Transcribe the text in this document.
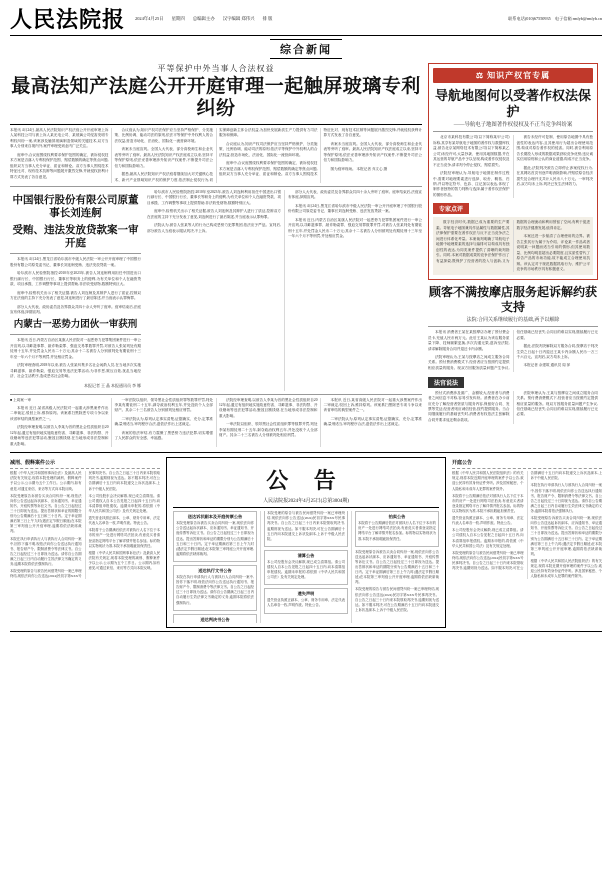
人民法院报 2024年4月25日 星期四 总编辑主办 汉字编辑 郑伟兴 排 版	联系电话(010)67550935 电子信箱 rmfyb@rmfyb.cn
综合新闻
平等保护中外当事人合法权益
最高法知产法庭公开开庭审理一起触屏玻璃专利纠纷

本报讯 4月24日,最高人民法院知识产权法庭公开开庭审理上诉人某科技公司与被上诉人某光电公司、某玻璃公司侵害发明专利权纠纷一案,该案涉及触屏玻璃制造领域的关键技术,双方当事人分别来自境内外,案件审理受到业内广泛关注。

庭审中,合议庭围绕权利要求保护范围的确定、被诉侵权技术方案是否落入专利权保护范围、赔偿数额的确定等焦点问题,组织双方当事人充分举证、质证和辩论。双方当事人围绕技术特征比对、现有技术抗辩等问题展开激烈交锋,并就侵权获利计算方式发表了各自意见。

合议庭认为,知识产权司法保护应当坚持严格保护、分类施策、比例协调、能动司法的原则,依法平等保护中外权利人的合法权益,营造市场化、法治化、国际化一流营商环境。

该案未当庭宣判。全国人大代表、部分高校师生和企业代表等旁听了庭审。最高人民法院知识产权法庭成立以来,坚持平等保护原则,依法妥善审理涉外知识产权案件,不断提升司法公信力和国际影响力。

据悉,最高人民法院知识产权法庭将继续加大对关键核心技术、新兴产业领域知识产权的保护力度,依法制止侵权行为,切实保障创新主体合法权益,为加快发展新质生产力提供有力司法服务和保障。

合议庭认为,知识产权司法保护应当坚持严格保护、分类施策、比例协调、能动司法的原则,依法平等保护中外权利人的合法权益,营造市场化、法治化、国际化一流营商环境。

庭审中,合议庭围绕权利要求保护范围的确定、被诉侵权技术方案是否落入专利权保护范围、赔偿数额的确定等焦点问题,组织双方当事人充分举证、质证和辩论。双方当事人围绕技术特征比对、现有技术抗辩等问题展开激烈交锋,并就侵权获利计算方式发表了各自意见。

该案未当庭宣判。全国人大代表、部分高校师生和企业代表等旁听了庭审。最高人民法院知识产权法庭成立以来,坚持平等保护原则,依法妥善审理涉外知识产权案件,不断提升司法公信力和国际影响力。

图为庭审现场。 本报记者 乔文心 摄

中国银行股份有限公司原董事长刘连舸
受贿、违法发放贷款案一审开庭

本报讯 4月24日,黑龙江省哈尔滨市中级人民法院一审公开开庭审理了中国银行股份有限公司原党委书记、董事长刘连舸受贿、违法发放贷款一案。

哈尔滨市人民检察院指控:2010年至2023年,被告人刘连舸利用担任中国进出口银行副行长、中国银行行长、董事长等职务上的便利,为有关单位和个人在融资贷款、项目承揽、工作调整等事项上提供帮助,非法收受财物,数额特别巨大。

庭审中,检察机关出示了相关证据,被告人刘连舸及其辩护人进行了质证,控辩双方在法庭的主持下充分发表了意见,刘连舸进行了最后陈述,并当庭表示认罪悔罪。

部分人大代表、政协委员及各界群众共四十余人旁听了庭审。庭审结束后,法庭宣布休庭,择期宣判。

内蒙古一恶势力团伙一审获刑

本报讯 近日,内蒙古自治区某旗人民法院对一起恶势力犯罪集团案件进行一审公开宣判,以寻衅滋事罪、敲诈勒索罪、强迫交易罪数罪并罚,对被告人张某判处有期徒刑十五年,并处罚金人民币二十万元;其余十二名被告人分别被判处有期徒刑十三年至一年六个月不等刑罚,并处相应罚金。

法院审理查明,2018年以来,被告人张某纠集多名社会闲散人员,在当地多次实施寻衅滋事、敲诈勒索、强迫交易等违法犯罪活动,为非作恶,欺压百姓,扰乱当地经济、社会生活秩序,造成恶劣社会影响。

本报记者 王 晶 本报通讯员 李 娜

哈尔滨市人民检察院指控:2010年至2023年,被告人刘连舸利用担任中国进出口银行副行长、中国银行行长、董事长等职务上的便利,为有关单位和个人在融资贷款、项目承揽、工作调整等事项上提供帮助,非法收受财物,数额特别巨大。

庭审中,检察机关出示了相关证据,被告人刘连舸及其辩护人进行了质证,控辩双方在法庭的主持下充分发表了意见,刘连舸进行了最后陈述,并当庭表示认罪悔罪。

法院认为,被告人张某等人的行为已构成恶势力犯罪集团,依法应予严惩。宣判后,部分被告人当庭表示服从判决,不上诉。

部分人大代表、政协委员及各界群众共四十余人旁听了庭审。庭审结束后,法庭宣布休庭,择期宣判。

本报讯 4月24日,黑龙江省哈尔滨市中级人民法院一审公开开庭审理了中国银行股份有限公司原党委书记、董事长刘连舸受贿、违法发放贷款一案。

本报讯 近日,内蒙古自治区某旗人民法院对一起恶势力犯罪集团案件进行一审公开宣判,以寻衅滋事罪、敲诈勒索罪、强迫交易罪数罪并罚,对被告人张某判处有期徒刑十五年,并处罚金人民币二十万元;其余十二名被告人分别被判处有期徒刑十三年至一年六个月不等刑罚,并处相应罚金。

■ 上周案一审

本报讯 近日,某省高级人民法院对一起重大涉黑案件作出二审裁定,驳回上诉,维持原判。该案系扫黑除恶专项斗争以来该省审结的典型案件之一。

法院经审理查明,以被告人李某为首的黑社会性质组织自2012年起,通过有组织地实施故意伤害、寻衅滋事、非法拘禁、开设赌场等违法犯罪活动,聚敛巨额钱财,在当地形成非法控制和重大影响。

一审法院以组织、领导黑社会性质组织罪等数罪并罚,判处李某有期徒刑二十五年,剥夺政治权利五年,并处没收个人全部财产。其余二十三名被告人分别被判处相应刑罚。

二审法院认为,原判认定事实清楚,证据确实、充分,定罪准确,量刑适当,审判程序合法,遂依法作出上述裁定。

该案的依法审结,有力震慑了黑恶势力违法犯罪,切实增强了人民群众的安全感、幸福感。

法院经审理查明,以被告人李某为首的黑社会性质组织自2012年起,通过有组织地实施故意伤害、寻衅滋事、非法拘禁、开设赌场等违法犯罪活动,聚敛巨额钱财,在当地形成非法控制和重大影响。

一审法院以组织、领导黑社会性质组织罪等数罪并罚,判处李某有期徒刑二十五年,剥夺政治权利五年,并处没收个人全部财产。其余二十三名被告人分别被判处相应刑罚。

本报讯 近日,某省高级人民法院对一起重大涉黑案件作出二审裁定,驳回上诉,维持原判。该案系扫黑除恶专项斗争以来该省审结的典型案件之一。

二审法院认为,原判认定事实清楚,证据确实、充分,定罪准确,量刑适当,审判程序合法,遂依法作出上述裁定。

⚖ 知识产权官专属
导航地图何以受著作权法保护
——导航电子地图著作权侵权及不正当竞争纠纷案

北京市某科技有限公司(以下简称某甲公司)诉称,其享有某导航电子地图的著作权与数据库权益,被告北京某网络技术有限公司(以下简称某乙公司)未经许可,大量抄袭、使用其地图数据,并在其运营的导航产品中予以呈现,构成著作权侵权及不正当竞争,请求判令停止侵权、赔偿损失。

法院经审理认为,导航电子地图在制作过程中,需要对地理要素进行选择、取舍、概括、归纳,并以特定符号、色彩、注记加以表达,体现了制作者独特的智力判断与选择,属于著作权法保护的图形作品。

被告未经许可复制、使用原告地图中具有独创性的表达内容,且其使用行为超出合理使用范围,构成对原告著作权的侵害。同时,被告利用原告长期投入形成的数据成果获取竞争优势,违反诚实信用原则和公认的商业道德,构成不正当竞争。

据此,法院判决被告立即停止涉案侵权行为,在其网站首页刊登声明消除影响,并赔偿原告经济损失及合理开支共计人民币八十万元。一审判决后,双方均未上诉,判决已发生法律效力。

专家点评

数字经济时代,数据已成为重要的生产要素。导航电子地图兼具作品属性与数据属性,其法律保护需要在著作权法与反不正当竞争法之间进行体系化考量。本案裁判明确了导航电子地图中地理要素的选择与编排可以构成具有独创性的表达,为同类案件提供了清晰的裁判指引。同时,本案对数据成果的竞争法保护作出了有益探索,既保护了经营者的投入与创新,又为数据的合理流动和利用预留了空间,有利于促进数字经济健康发展,值得肯定。

本案还进一步厘清了合理使用的边界。被告主张其行为属于为介绍、评论某一作品或者说明某一问题而适当引用的情形,但其使用数量、比例均明显超出必要限度,且实质性替代了原告产品的市场功能,故不能成立合理使用抗辩。该认定对于规范数据抓取行为、维护公平竞争的市场秩序具有积极意义。

顾客不满按摩店服务起诉解约获支持
法院:合同关系继续履行的基础,两予以解除

本报讯 消费者王某在某按摩店办理了预付费会员卡,充值人民币两万元。此后王某认为该店服务质量下降、技师频繁更换,多次沟通无果,遂诉至法院,请求解除服务合同并退还卡内余额。

法院审理认为,王某与按摩店之间成立服务合同关系。预付费消费模式下,经营者应当按照约定提供相应质量的服务。现双方因服务质量问题产生争议,信任基础已经丧失,合同目的难以实现,继续履行已无必要。

据此,法院判决解除双方服务合同,按摩店于判决生效之日起十日内退还王某卡内余额人民币一万三千六百元。宣判后,双方均未上诉。

本报记者 余建筑 通讯员 周 萍

法官说法

预付式消费涉及面广、金额较大,经营者与消费者之间信息不对称,容易引发纠纷。消费者在办卡前应充分了解经营者资质与服务内容,保留好合同、发票等凭证;经营者则应诚信经营,按约提供服务。当合同继续履行的基础丧失时,消费者有权依法主张解除合同并要求返还剩余款项。

法院审理认为,王某与按摩店之间成立服务合同关系。预付费消费模式下,经营者应当按照约定提供相应质量的服务。现双方因服务质量问题产生争议,信任基础已经丧失,合同目的难以实现,继续履行已无必要。

减刑、假释案件公示

根据《中华人民共和国刑事诉讼法》及最高人民法院有关规定,现将本院受理的减刑、假释案件予以公示,公示期为五个工作日。公示期内,如有意见,可通过来信、来访等方式向本院反映。

本院受理原告诉被告买卖合同纠纷一案,现依法向你公告送达起诉状副本、应诉通知书、举证通知书、开庭传票等诉讼文书。自公告之日起经过三十日即视为送达。提出答辩状和举证的期限分别为公告期满后十五日和三十日内。定于举证期满后第三日上午九时(遇法定节假日顺延)在本院第三审判庭公开开庭审理,逾期将依法缺席裁判。

本院在执行申请执行人与被执行人合同纠纷一案中,因你下落不明,现依法向你公告送达执行通知书、报告财产令、限制消费令等法律文书。自公告之日起经过三十日即视为送达。请你自公告期满之日起三日内自动履行生效法律文书确定的义务,逾期本院将依法强制执行。

本院受理的原告与被告民间借贷纠纷一案已审理终结,现依法向你公告送达(2024)民初字第XXX号民事判决书。自公告之日起三十日内来本院领取判决书,逾期则视为送达。如不服本判决,可在公告期满后十五日内向本院递交上诉状及副本,上诉于中级人民法院。

本公司经股东会决议解散,现已成立清算组。请公司债权人自本公告见报之日起四十五日内,向本清算组申报债权。逾期未申报的,将依照《中华人民共和国公司法》及有关规定处理。

遗失营业执照正副本、公章、财务专用章、法定代表人名章各一枚,声明作废。特此公告。

本院将于公告期满后依法对被执行人名下位于本市的房产一处进行网络司法拍卖,有意竞买者请登录指定网络平台了解详情并报名参加。标的物以实物现状为准,本院不承担瑕疵担保责任。

根据《中华人民共和国刑事诉讼法》及最高人民法院有关规定,现将本院受理的减刑、假释案件予以公示,公示期为五个工作日。公示期内,如有意见,可通过来信、来访等方式向本院反映。

公 告
人民法院报2024年4月25日(总第3004期)
送达诉状副本及开庭传票公告

本院受理原告诉被告买卖合同纠纷一案,现依法向你公告送达起诉状副本、应诉通知书、举证通知书、开庭传票等诉讼文书。自公告之日起经过三十日即视为送达。提出答辩状和举证的期限分别为公告期满后十五日和三十日内。定于举证期满后第三日上午九时(遇法定节假日顺延)在本院第三审判庭公开开庭审理,逾期将依法缺席裁判。

送达执行文书公告

本院在执行申请执行人与被执行人合同纠纷一案中,因你下落不明,现依法向你公告送达执行通知书、报告财产令、限制消费令等法律文书。自公告之日起经过三十日即视为送达。请你自公告期满之日起三日内自动履行生效法律文书确定的义务,逾期本院将依法强制执行。

送达判决书公告

本院受理的原告与被告民间借贷纠纷一案已审理终结,现依法向你公告送达(2024)民初字第XXX号民事判决书。自公告之日起三十日内来本院领取判决书,逾期则视为送达。如不服本判决,可在公告期满后十五日内向本院递交上诉状及副本,上诉于中级人民法院。

清算公告

本公司经股东会决议解散,现已成立清算组。请公司债权人自本公告见报之日起四十五日内,向本清算组申报债权。逾期未申报的,将依照《中华人民共和国公司法》及有关规定处理。

遗失声明

遗失营业执照正副本、公章、财务专用章、法定代表人名章各一枚,声明作废。特此公告。

拍卖公告

本院将于公告期满后依法对被执行人名下位于本市的房产一处进行网络司法拍卖,有意竞买者请登录指定网络平台了解详情并报名参加。标的物以实物现状为准,本院不承担瑕疵担保责任。

本院受理原告诉被告买卖合同纠纷一案,现依法向你公告送达起诉状副本、应诉通知书、举证通知书、开庭传票等诉讼文书。自公告之日起经过三十日即视为送达。提出答辩状和举证的期限分别为公告期满后十五日和三十日内。定于举证期满后第三日上午九时(遇法定节假日顺延)在本院第三审判庭公开开庭审理,逾期将依法缺席裁判。

本院受理的原告与被告民间借贷纠纷一案已审理终结,现依法向你公告送达(2024)民初字第XXX号民事判决书。自公告之日起三十日内来本院领取判决书,逾期则视为送达。如不服本判决,可在公告期满后十五日内向本院递交上诉状及副本,上诉于中级人民法院。

开庭公告

根据《中华人民共和国人民法院组织法》的有关规定,现将本院近期开庭审理的案件予以公告,欢迎公民持有效身份证件旁听。涉及国家秘密、个人隐私和未成年人犯罪的案件除外。

本院将于公告期满后依法对被执行人名下位于本市的房产一处进行网络司法拍卖,有意竞买者请登录指定网络平台了解详情并报名参加。标的物以实物现状为准,本院不承担瑕疵担保责任。

遗失营业执照正副本、公章、财务专用章、法定代表人名章各一枚,声明作废。特此公告。

本公司经股东会决议解散,现已成立清算组。请公司债权人自本公告见报之日起四十五日内,向本清算组申报债权。逾期未申报的,将依照《中华人民共和国公司法》及有关规定处理。

本院受理的原告与被告民间借贷纠纷一案已审理终结,现依法向你公告送达(2024)民初字第XXX号民事判决书。自公告之日起三十日内来本院领取判决书,逾期则视为送达。如不服本判决,可在公告期满后十五日内向本院递交上诉状及副本,上诉于中级人民法院。

本院在执行申请执行人与被执行人合同纠纷一案中,因你下落不明,现依法向你公告送达执行通知书、报告财产令、限制消费令等法律文书。自公告之日起经过三十日即视为送达。请你自公告期满之日起三日内自动履行生效法律文书确定的义务,逾期本院将依法强制执行。

本院受理原告诉被告买卖合同纠纷一案,现依法向你公告送达起诉状副本、应诉通知书、举证通知书、开庭传票等诉讼文书。自公告之日起经过三十日即视为送达。提出答辩状和举证的期限分别为公告期满后十五日和三十日内。定于举证期满后第三日上午九时(遇法定节假日顺延)在本院第三审判庭公开开庭审理,逾期将依法缺席裁判。

根据《中华人民共和国人民法院组织法》的有关规定,现将本院近期开庭审理的案件予以公告,欢迎公民持有效身份证件旁听。涉及国家秘密、个人隐私和未成年人犯罪的案件除外。
